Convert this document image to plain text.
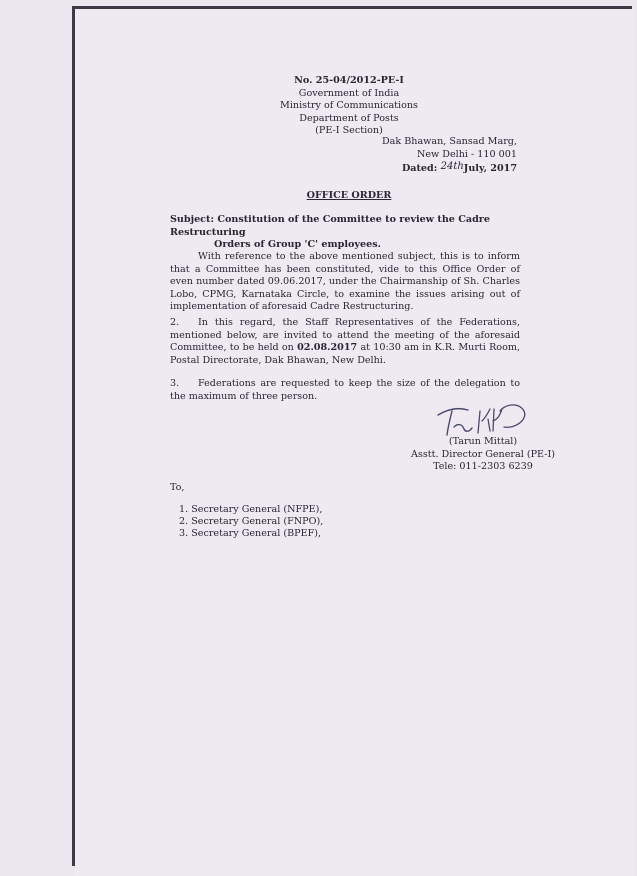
No. 25-04/2012-PE-I
Government of India
Ministry of Communications
Department of Posts
(PE-I Section)
Dak Bhawan, Sansad Marg,
New Delhi - 110 001
Dated: 24thJuly, 2017
OFFICE ORDER
Subject: Constitution of the Committee to review the Cadre Restructuring
Orders of Group 'C' employees.
With reference to the above mentioned subject, this is to inform that a Committee has been constituted, vide to this Office Order of even number dated 09.06.2017, under the Chairmanship of Sh. Charles Lobo, CPMG, Karnataka Circle, to examine the issues arising out of implementation of aforesaid Cadre Restructuring.
2. In this regard, the Staff Representatives of the Federations, mentioned below, are invited to attend the meeting of the aforesaid Committee, to be held on 02.08.2017 at 10:30 am in K.R. Murti Room, Postal Directorate, Dak Bhawan, New Delhi.
3. Federations are requested to keep the size of the delegation to the maximum of three person.
(Tarun Mittal)
Asstt. Director General (PE-I)
Tele: 011-2303 6239
To,
1. Secretary General (NFPE),
2. Secretary General (FNPO),
3. Secretary General (BPEF),
